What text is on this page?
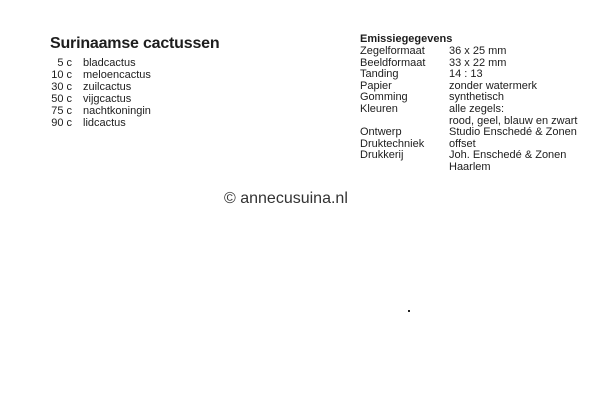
Surinaamse cactussen
5 c bladcactus
10 c meloencactus
30 c zuilcactus
50 c vijgcactus
75 c nachtkoningin
90 c lidcactus
Emissiegegevens
Zegelformaat	36 x 25 mm
Beeldformaat	33 x 22 mm
Tanding	14 : 13
Papier	zonder watermerk
Gomming	synthetisch
Kleuren	alle zegels:
rood, geel, blauw en zwart
Ontwerp	Studio Enschedé & Zonen
Druktechniek	offset
Drukkerij	Joh. Enschedé & Zonen
Haarlem
© annecusuina.nl
